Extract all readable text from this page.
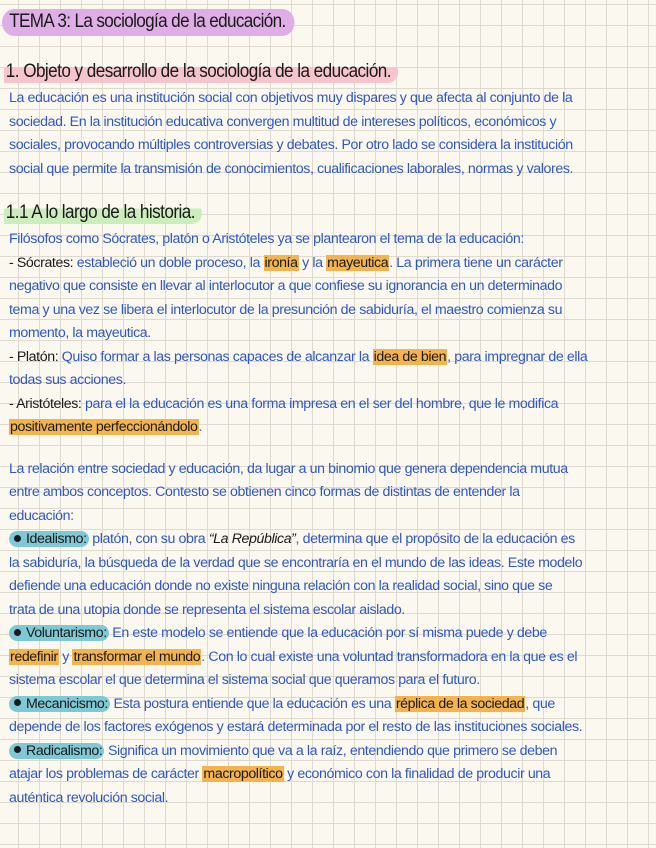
TEMA 3: La sociología de la educación.
1. Objeto y desarrollo de la sociología de la educación.

La educación es una institución social con objetivos muy dispares y que afecta al conjunto de la

sociedad. En la institución educativa convergen multitud de intereses políticos, económicos y

sociales, provocando múltiples controversias y debates. Por otro lado se considera la institución

social que permite la transmisión de conocimientos, cualificaciones laborales, normas y valores.

1.1 A lo largo de la historia.

Filósofos como Sócrates, platón o Aristóteles ya se plantearon el tema de la educación:

- Sócrates: estableció un doble proceso, la ironía y la mayeutica. La primera tiene un carácter

negativo que consiste en llevar al interlocutor a que confiese su ignorancia en un determinado

tema y una vez se libera el interlocutor de la presunción de sabiduría, el maestro comienza su

momento, la mayeutica.

- Platón: Quiso formar a las personas capaces de alcanzar la idea de bien, para impregnar de ella

todas sus acciones.

- Aristóteles: para el la educación es una forma impresa en el ser del hombre, que le modifica

positivamente perfeccionándolo.

La relación entre sociedad y educación, da lugar a un binomio que genera dependencia mutua

entre ambos conceptos. Contesto se obtienen cinco formas de distintas de entender la

educación:

Idealismo: platón, con su obra “La República”, determina que el propósito de la educación es

la sabiduría, la búsqueda de la verdad que se encontraría en el mundo de las ideas. Este modelo

defiende una educación donde no existe ninguna relación con la realidad social, sino que se

trata de una utopia donde se representa el sistema escolar aislado.

Voluntarismo: En este modelo se entiende que la educación por sí misma puede y debe

redefinir y transformar el mundo. Con lo cual existe una voluntad transformadora en la que es el

sistema escolar el que determina el sistema social que queramos para el futuro.

Mecanicismo: Esta postura entiende que la educación es una réplica de la sociedad, que

depende de los factores exógenos y estará determinada por el resto de las instituciones sociales.

Radicalismo: Significa un movimiento que va a la raíz, entendiendo que primero se deben

atajar los problemas de carácter macropolítico y económico con la finalidad de producir una

auténtica revolución social.
